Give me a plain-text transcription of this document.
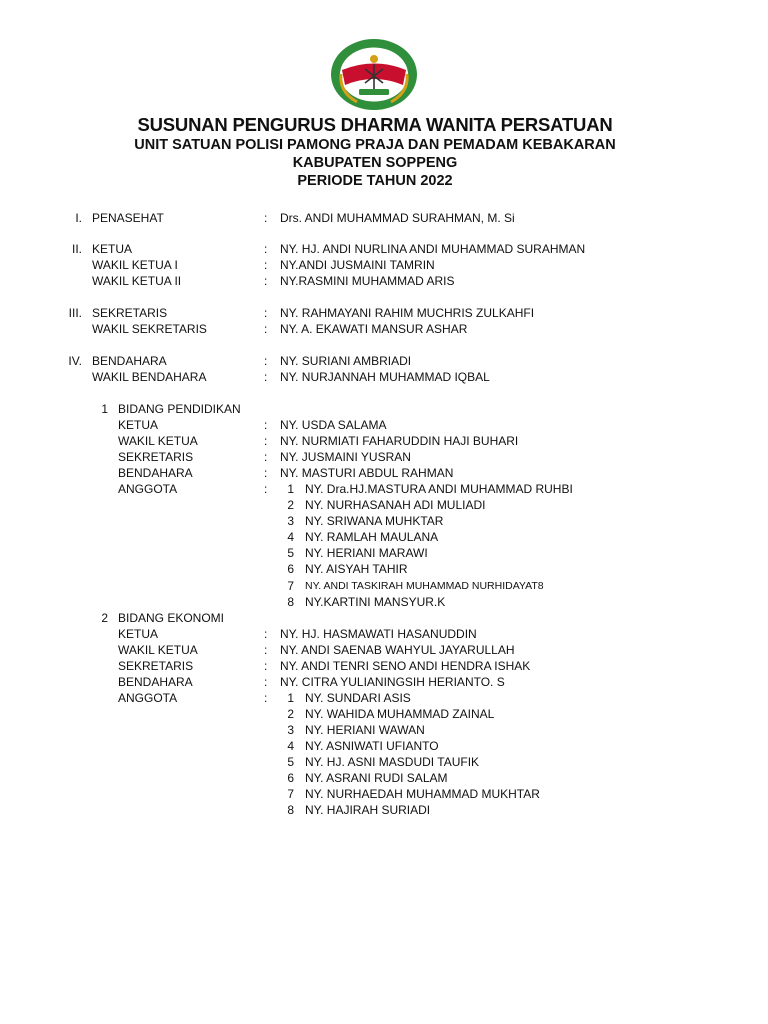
SUSUNAN PENGURUS DHARMA WANITA PERSATUAN
UNIT SATUAN POLISI PAMONG PRAJA DAN PEMADAM KEBAKARAN
KABUPATEN SOPPENG
PERIODE TAHUN 2022
I. PENASEHAT	: Drs. ANDI MUHAMMAD SURAHMAN, M. Si
II. KETUA	: NY. HJ. ANDI NURLINA ANDI MUHAMMAD SURAHMAN
WAKIL KETUA I	: NY.ANDI JUSMAINI TAMRIN
WAKIL KETUA II	: NY.RASMINI MUHAMMAD ARIS
III. SEKRETARIS	: NY. RAHMAYANI RAHIM MUCHRIS ZULKAHFI
WAKIL SEKRETARIS	: NY. A. EKAWATI MANSUR ASHAR
IV. BENDAHARA	: NY. SURIANI AMBRIADI
WAKIL BENDAHARA	: NY. NURJANNAH MUHAMMAD IQBAL
1 BIDANG PENDIDIKAN
KETUA	: NY. USDA SALAMA
WAKIL KETUA	: NY. NURMIATI FAHARUDDIN HAJI BUHARI
SEKRETARIS	: NY. JUSMAINI YUSRAN
BENDAHARA	: NY. MASTURI ABDUL RAHMAN
ANGGOTA	:	1 NY. Dra.HJ.MASTURA ANDI MUHAMMAD RUHBI
2 NY. NURHASANAH ADI MULIADI
3 NY. SRIWANA MUHKTAR
4 NY. RAMLAH MAULANA
5 NY. HERIANI MARAWI
6 NY. AISYAH TAHIR
7 NY. ANDI TASKIRAH MUHAMMAD NURHIDAYAT8
8 NY.KARTINI MANSYUR.K
2 BIDANG EKONOMI
KETUA	: NY. HJ. HASMAWATI HASANUDDIN
WAKIL KETUA	: NY. ANDI SAENAB WAHYUL JAYARULLAH
SEKRETARIS	: NY. ANDI TENRI SENO ANDI HENDRA ISHAK
BENDAHARA	: NY. CITRA YULIANINGSIH HERIANTO. S
ANGGOTA	:	1 NY. SUNDARI ASIS
2 NY. WAHIDA MUHAMMAD ZAINAL
3 NY. HERIANI WAWAN
4 NY. ASNIWATI UFIANTO
5 NY. HJ. ASNI MASDUDI TAUFIK
6 NY. ASRANI RUDI SALAM
7 NY. NURHAEDAH MUHAMMAD MUKHTAR
8 NY. HAJIRAH SURIADI
